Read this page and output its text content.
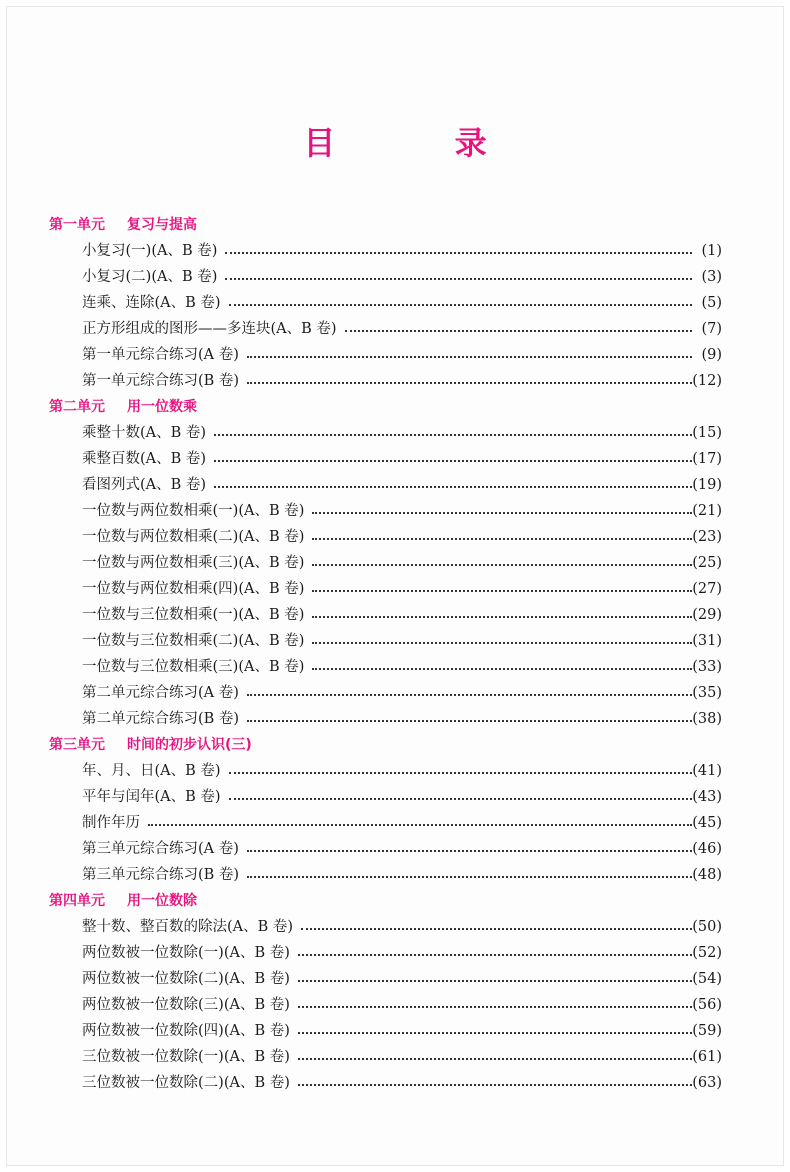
目 录
第一单元 复习与提高
小复习(一)(A、B 卷)	(1)
小复习(二)(A、B 卷)	(3)
连乘、连除(A、B 卷)	(5)
正方形组成的图形——多连块(A、B 卷)	(7)
第一单元综合练习(A 卷)	(9)
第一单元综合练习(B 卷)	(12)
第二单元 用一位数乘
乘整十数(A、B 卷)	(15)
乘整百数(A、B 卷)	(17)
看图列式(A、B 卷)	(19)
一位数与两位数相乘(一)(A、B 卷)	(21)
一位数与两位数相乘(二)(A、B 卷)	(23)
一位数与两位数相乘(三)(A、B 卷)	(25)
一位数与两位数相乘(四)(A、B 卷)	(27)
一位数与三位数相乘(一)(A、B 卷)	(29)
一位数与三位数相乘(二)(A、B 卷)	(31)
一位数与三位数相乘(三)(A、B 卷)	(33)
第二单元综合练习(A 卷)	(35)
第二单元综合练习(B 卷)	(38)
第三单元 时间的初步认识(三)
年、月、日(A、B 卷)	(41)
平年与闰年(A、B 卷)	(43)
制作年历	(45)
第三单元综合练习(A 卷)	(46)
第三单元综合练习(B 卷)	(48)
第四单元 用一位数除
整十数、整百数的除法(A、B 卷)	(50)
两位数被一位数除(一)(A、B 卷)	(52)
两位数被一位数除(二)(A、B 卷)	(54)
两位数被一位数除(三)(A、B 卷)	(56)
两位数被一位数除(四)(A、B 卷)	(59)
三位数被一位数除(一)(A、B 卷)	(61)
三位数被一位数除(二)(A、B 卷)	(63)
